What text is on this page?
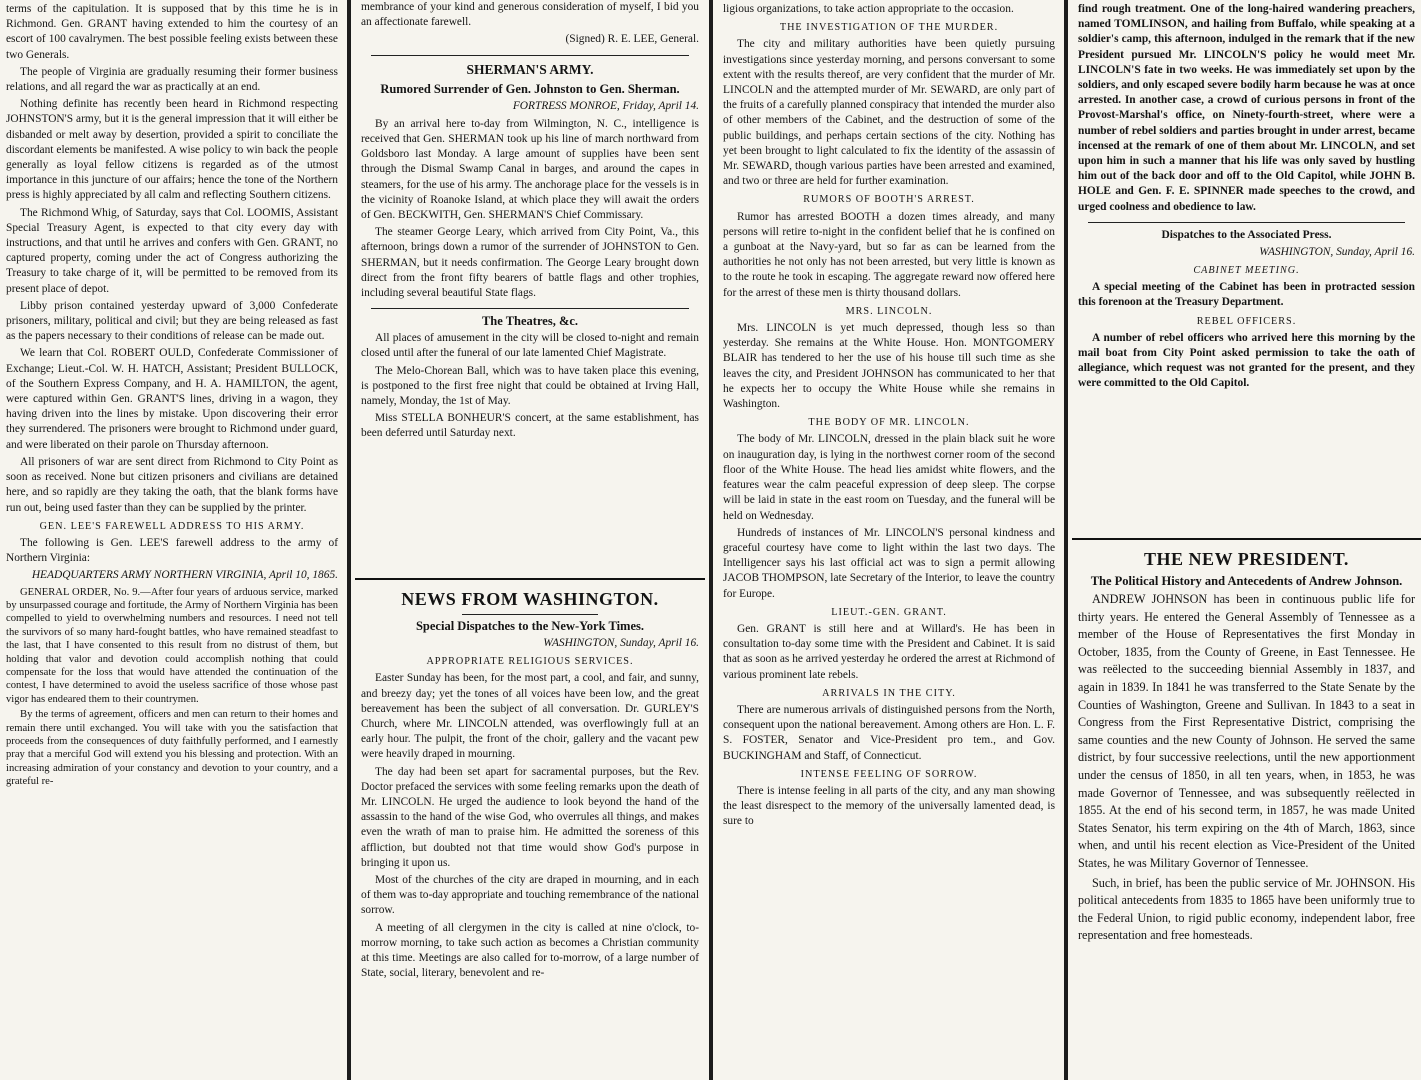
terms of the capitulation. It is supposed that by this time he is in Richmond. Gen. GRANT having extended to him the courtesy of an escort of 100 cavalrymen. The best possible feeling exists between these two Generals.

The people of Virginia are gradually resuming their former business relations, and all regard the war as practically at an end.

Nothing definite has recently been heard in Richmond respecting JOHNSTON'S army, but it is the general impression that it will either be disbanded or melt away by desertion, provided a spirit to conciliate the discordant elements be manifested. A wise policy to win back the people generally as loyal fellow citizens is regarded as of the utmost importance in this juncture of our affairs; hence the tone of the Northern press is highly appreciated by all calm and reflecting Southern citizens.

The Richmond Whig, of Saturday, says that Col. LOOMIS, Assistant Special Treasury Agent, is expected to that city every day with instructions, and that until he arrives and confers with Gen. GRANT, no captured property, coming under the act of Congress authorizing the Treasury to take charge of it, will be permitted to be removed from its present place of depot.

Libby prison contained yesterday upward of 3,000 Confederate prisoners, military, political and civil; but they are being released as fast as the papers necessary to their conditions of release can be made out.

We learn that Col. ROBERT OULD, Confederate Commissioner of Exchange; Lieut.-Col. W. H. HATCH, Assistant; President BULLOCK, of the Southern Express Company, and H. A. HAMILTON, the agent, were captured within Gen. GRANT'S lines, driving in a wagon, they having driven into the lines by mistake. Upon discovering their error they surrendered. The prisoners were brought to Richmond under guard, and were liberated on their parole on Thursday afternoon.

All prisoners of war are sent direct from Richmond to City Point as soon as received. None but citizen prisoners and civilians are detained here, and so rapidly are they taking the oath, that the blank forms have run out, being used faster than they can be supplied by the printer.

GEN. LEE'S FAREWELL ADDRESS TO HIS ARMY.

The following is Gen. LEE'S farewell address to the army of Northern Virginia:

HEADQUARTERS ARMY NORTHERN VIRGINIA, April 10, 1865.

GENERAL ORDER, No. 9.—After four years of arduous service, marked by unsurpassed courage and fortitude, the Army of Northern Virginia has been compelled to yield to overwhelming numbers and resources. I need not tell the survivors of so many hard-fought battles, who have remained steadfast to the last, that I have consented to this result from no distrust of them, but holding that valor and devotion could accomplish nothing that could compensate for the loss that would have attended the continuation of the contest, I have determined to avoid the useless sacrifice of those whose past vigor has endeared them to their countrymen.

By the terms of agreement, officers and men can return to their homes and remain there until exchanged. You will take with you the satisfaction that proceeds from the consequences of duty faithfully performed, and I earnestly pray that a merciful God will extend you his blessing and protection. With an increasing admiration of your constancy and devotion to your country, and a grateful re-

membrance of your kind and generous consideration of myself, I bid you an affectionate farewell.

(Signed) R. E. LEE, General.

SHERMAN'S ARMY.
Rumored Surrender of Gen. Johnston to Gen. Sherman.
FORTRESS MONROE, Friday, April 14.

By an arrival here to-day from Wilmington, N. C., intelligence is received that Gen. SHERMAN took up his line of march northward from Goldsboro last Monday. A large amount of supplies have been sent through the Dismal Swamp Canal in barges, and around the capes in steamers, for the use of his army. The anchorage place for the vessels is in the vicinity of Roanoke Island, at which place they will await the orders of Gen. BECKWITH, Gen. SHERMAN'S Chief Commissary.

The steamer George Leary, which arrived from City Point, Va., this afternoon, brings down a rumor of the surrender of JOHNSTON to Gen. SHERMAN, but it needs confirmation. The George Leary brought down direct from the front fifty bearers of battle flags and other trophies, including several beautiful State flags.

The Theatres, &c.

All places of amusement in the city will be closed to-night and remain closed until after the funeral of our late lamented Chief Magistrate.

The Melo-Chorean Ball, which was to have taken place this evening, is postponed to the first free night that could be obtained at Irving Hall, namely, Monday, the 1st of May.

Miss STELLA BONHEUR'S concert, at the same establishment, has been deferred until Saturday next.

NEWS FROM WASHINGTON.
Special Dispatches to the New-York Times.
WASHINGTON, Sunday, April 16.
APPROPRIATE RELIGIOUS SERVICES.

Easter Sunday has been, for the most part, a cool, and fair, and sunny, and breezy day; yet the tones of all voices have been low, and the great bereavement has been the subject of all conversation. Dr. GURLEY'S Church, where Mr. LINCOLN attended, was overflowingly full at an early hour. The pulpit, the front of the choir, gallery and the vacant pew were heavily draped in mourning.

The day had been set apart for sacramental purposes, but the Rev. Doctor prefaced the services with some feeling remarks upon the death of Mr. LINCOLN. He urged the audience to look beyond the hand of the assassin to the hand of the wise God, who overrules all things, and makes even the wrath of man to praise him. He admitted the soreness of this affliction, but doubted not that time would show God's purpose in bringing it upon us.

Most of the churches of the city are draped in mourning, and in each of them was to-day appropriate and touching remembrance of the national sorrow.

A meeting of all clergymen in the city is called at nine o'clock, to-morrow morning, to take such action as becomes a Christian community at this time. Meetings are also called for to-morrow, of a large number of State, social, literary, benevolent and re-

ligious organizations, to take action appropriate to the occasion.

THE INVESTIGATION OF THE MURDER.

The city and military authorities have been quietly pursuing investigations since yesterday morning, and persons conversant to some extent with the results thereof, are very confident that the murder of Mr. LINCOLN and the attempted murder of Mr. SEWARD, are only part of the fruits of a carefully planned conspiracy that intended the murder also of other members of the Cabinet, and the destruction of some of the public buildings, and perhaps certain sections of the city. Nothing has yet been brought to light calculated to fix the identity of the assassin of Mr. SEWARD, though various parties have been arrested and examined, and two or three are held for further examination.

RUMORS OF BOOTH'S ARREST.

Rumor has arrested BOOTH a dozen times already, and many persons will retire to-night in the confident belief that he is confined on a gunboat at the Navy-yard, but so far as can be learned from the authorities he not only has not been arrested, but very little is known as to the route he took in escaping. The aggregate reward now offered here for the arrest of these men is thirty thousand dollars.

MRS. LINCOLN.

Mrs. LINCOLN is yet much depressed, though less so than yesterday. She remains at the White House. Hon. MONTGOMERY BLAIR has tendered to her the use of his house till such time as she leaves the city, and President JOHNSON has communicated to her that he expects her to occupy the White House while she remains in Washington.

THE BODY OF MR. LINCOLN.

The body of Mr. LINCOLN, dressed in the plain black suit he wore on inauguration day, is lying in the northwest corner room of the second floor of the White House. The head lies amidst white flowers, and the features wear the calm peaceful expression of deep sleep. The corpse will be laid in state in the east room on Tuesday, and the funeral will be held on Wednesday.

Hundreds of instances of Mr. LINCOLN'S personal kindness and graceful courtesy have come to light within the last two days. The Intelligencer says his last official act was to sign a permit allowing JACOB THOMPSON, late Secretary of the Interior, to leave the country for Europe.

LIEUT.-GEN. GRANT.

Gen. GRANT is still here and at Willard's. He has been in consultation to-day some time with the President and Cabinet. It is said that as soon as he arrived yesterday he ordered the arrest at Richmond of various prominent late rebels.

ARRIVALS IN THE CITY.

There are numerous arrivals of distinguished persons from the North, consequent upon the national bereavement. Among others are Hon. L. F. S. FOSTER, Senator and Vice-President pro tem., and Gov. BUCKINGHAM and Staff, of Connecticut.

INTENSE FEELING OF SORROW.

There is intense feeling in all parts of the city, and any man showing the least disrespect to the memory of the universally lamented dead, is sure to

find rough treatment. One of the long-haired wandering preachers, named TOMLINSON, and hailing from Buffalo, while speaking at a soldier's camp, this afternoon, indulged in the remark that if the new President pursued Mr. LINCOLN'S policy he would meet Mr. LINCOLN'S fate in two weeks. He was immediately set upon by the soldiers, and only escaped severe bodily harm because he was at once arrested. In another case, a crowd of curious persons in front of the Provost-Marshal's office, on Ninety-fourth-street, where were a number of rebel soldiers and parties brought in under arrest, became incensed at the remark of one of them about Mr. LINCOLN, and set upon him in such a manner that his life was only saved by hustling him out of the back door and off to the Old Capitol, while JOHN B. HOLE and Gen. F. E. SPINNER made speeches to the crowd, and urged coolness and obedience to law.

Dispatches to the Associated Press.
WASHINGTON, Sunday, April 16.
CABINET MEETING.

A special meeting of the Cabinet has been in protracted session this forenoon at the Treasury Department.

REBEL OFFICERS.

A number of rebel officers who arrived here this morning by the mail boat from City Point asked permission to take the oath of allegiance, which request was not granted for the present, and they were committed to the Old Capitol.

THE NEW PRESIDENT.
The Political History and Antecedents of Andrew Johnson.

ANDREW JOHNSON has been in continuous public life for thirty years. He entered the General Assembly of Tennessee as a member of the House of Representatives the first Monday in October, 1835, from the County of Greene, in East Tennessee. He was reëlected to the succeeding biennial Assembly in 1837, and again in 1839. In 1841 he was transferred to the State Senate by the Counties of Washington, Greene and Sullivan. In 1843 to a seat in Congress from the First Representative District, comprising the same counties and the new County of Johnson. He served the same district, by four successive reelections, until the new apportionment under the census of 1850, in all ten years, when, in 1853, he was made Governor of Tennessee, and was subsequently reëlected in 1855. At the end of his second term, in 1857, he was made United States Senator, his term expiring on the 4th of March, 1863, since when, and until his recent election as Vice-President of the United States, he was Military Governor of Tennessee.

Such, in brief, has been the public service of Mr. JOHNSON. His political antecedents from 1835 to 1865 have been uniformly true to the Federal Union, to rigid public economy, independent labor, free representation and free homesteads.
